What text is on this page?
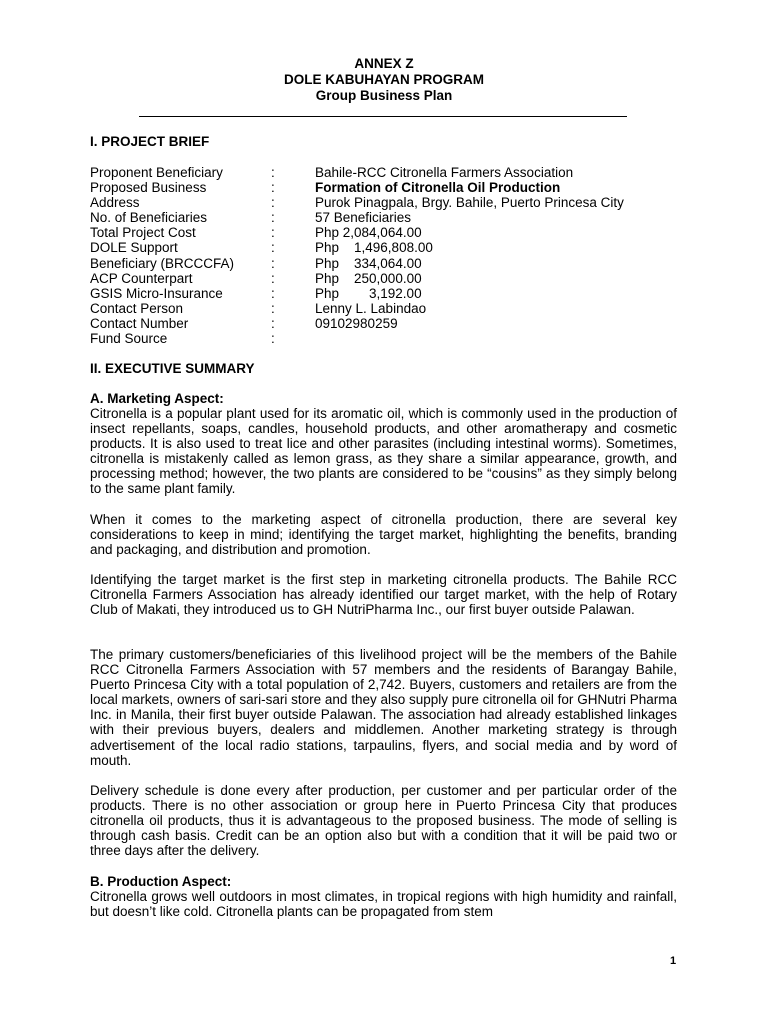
ANNEX Z
DOLE KABUHAYAN PROGRAM
Group Business Plan
I. PROJECT BRIEF
Proponent Beneficiary	:	Bahile-RCC Citronella Farmers Association
Proposed Business	:	Formation of Citronella Oil Production
Address	:	Purok Pinagpala, Brgy. Bahile, Puerto Princesa City
No. of Beneficiaries	:	57 Beneficiaries
Total Project Cost	:	Php 2,084,064.00
DOLE Support	:	Php    1,496,808.00
Beneficiary (BRCCCFA)	:	Php    334,064.00
ACP Counterpart	:	Php    250,000.00
GSIS Micro-Insurance	:	Php        3,192.00
Contact Person	:	Lenny L. Labindao
Contact Number	:	09102980259
Fund Source	:
II. EXECUTIVE SUMMARY
A. Marketing Aspect:

Citronella is a popular plant used for its aromatic oil, which is commonly used in the production of insect repellants, soaps, candles, household products, and other aromatherapy and cosmetic products. It is also used to treat lice and other parasites (including intestinal worms). Sometimes, citronella is mistakenly called as lemon grass, as they share a similar appearance, growth, and processing method; however, the two plants are considered to be “cousins” as they simply belong to the same plant family.

When it comes to the marketing aspect of citronella production, there are several key considerations to keep in mind; identifying the target market, highlighting the benefits, branding and packaging, and distribution and promotion.

Identifying the target market is the first step in marketing citronella products. The Bahile RCC Citronella Farmers Association has already identified our target market, with the help of Rotary Club of Makati, they introduced us to GH NutriPharma Inc., our first buyer outside Palawan.

The primary customers/beneficiaries of this livelihood project will be the members of the Bahile RCC Citronella Farmers Association with 57 members and the residents of Barangay Bahile, Puerto Princesa City with a total population of 2,742. Buyers, customers and retailers are from the local markets, owners of sari-sari store and they also supply pure citronella oil for GHNutri Pharma Inc. in Manila, their first buyer outside Palawan. The association had already established linkages with their previous buyers, dealers and middlemen. Another marketing strategy is through advertisement of the local radio stations, tarpaulins, flyers, and social media and by word of mouth.

Delivery schedule is done every after production, per customer and per particular order of the products. There is no other association or group here in Puerto Princesa City that produces citronella oil products, thus it is advantageous to the proposed business. The mode of selling is through cash basis. Credit can be an option also but with a condition that it will be paid two or three days after the delivery.

B. Production Aspect:

Citronella grows well outdoors in most climates, in tropical regions with high humidity and rainfall, but doesn’t like cold. Citronella plants can be propagated from stem

1
